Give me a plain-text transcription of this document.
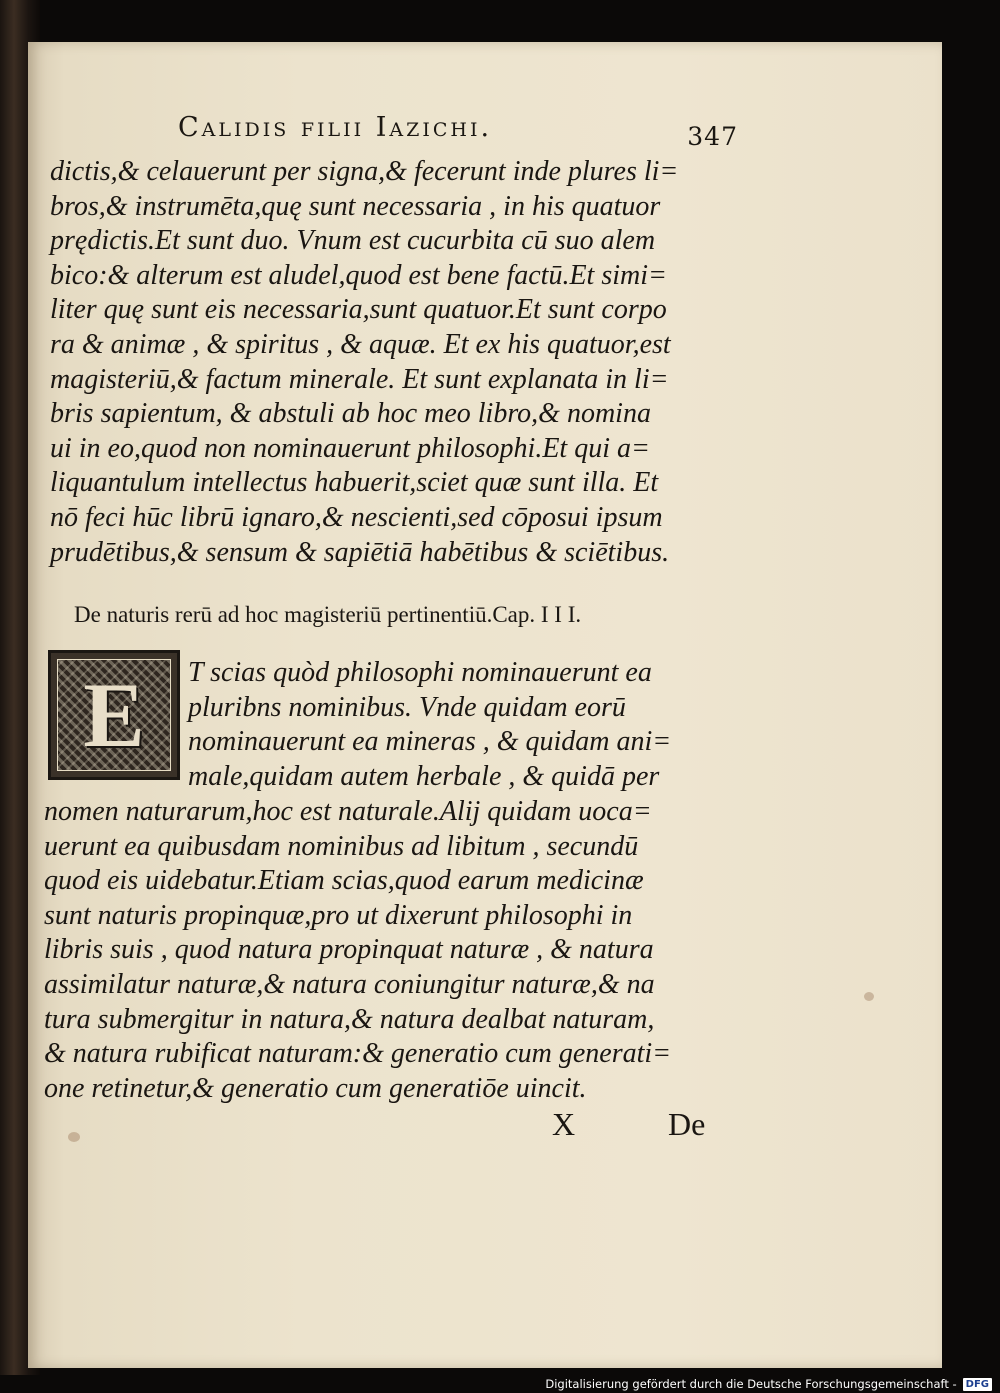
Calidis filii Iazichi.	347
dictis,& celauerunt per signa,& fecerunt inde plures li=
bros,& instrumēta,quę sunt necessaria , in his quatuor
prędictis.Et sunt duo. Vnum est cucurbita cū suo alem
bico:& alterum est aludel,quod est bene factū.Et simi=
liter quę sunt eis necessaria,sunt quatuor.Et sunt corpo
ra & animæ , & spiritus , & aquæ. Et ex his quatuor,est
magisteriū,& factum minerale. Et sunt explanata in li=
bris sapientum, & abstuli ab hoc meo libro,& nomina
ui in eo,quod non nominauerunt philosophi.Et qui a=
liquantulum intellectus habuerit,sciet quæ sunt illa. Et
nō feci hūc librū ignaro,& nescienti,sed cōposui ipsum
prudētibus,& sensum & sapiētiā habētibus & sciētibus.
De naturis rerū ad hoc magisteriū pertinentiū.Cap. I I I.
E	T scias quòd philosophi nominauerunt ea
pluribns nominibus. Vnde quidam eorū
nominauerunt ea mineras , & quidam ani=
male,quidam autem herbale , & quidā per
nomen naturarum,hoc est naturale.Alij quidam uoca=
uerunt ea quibusdam nominibus ad libitum , secundū
quod eis uidebatur.Etiam scias,quod earum medicinæ
sunt naturis propinquæ,pro ut dixerunt philosophi in
libris suis , quod natura propinquat naturæ , & natura
assimilatur naturæ,& natura coniungitur naturæ,& na
tura submergitur in natura,& natura dealbat naturam,
& natura rubificat naturam:& generatio cum generati=
one retinetur,& generatio cum generatiōe uincit.
X	De
Digitalisierung gefördert durch die Deutsche Forschungsgemeinschaft - DFG
